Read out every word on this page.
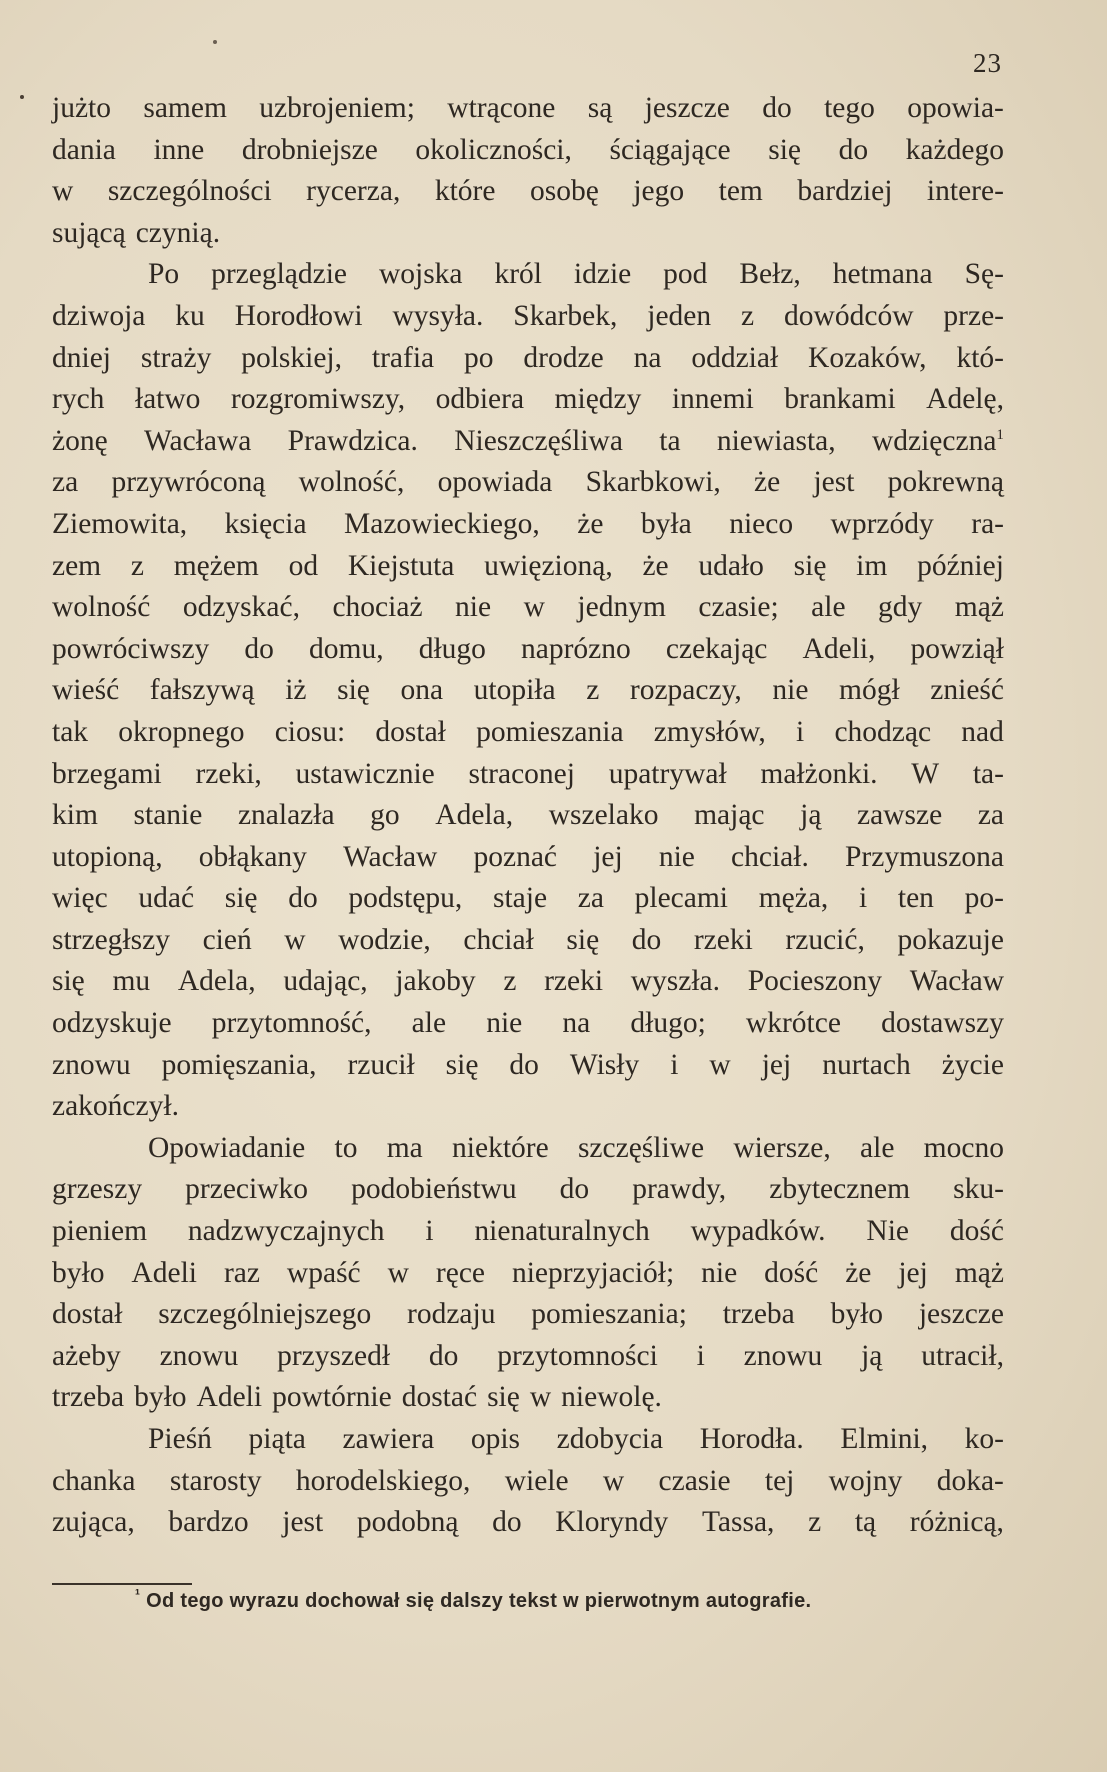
23
jużto samem uzbrojeniem; wtrącone są jeszcze do tego opowia-
dania inne drobniejsze okoliczności, ściągające się do każdego
w szczególności rycerza, które osobę jego tem bardziej intere-
sującą czynią.
Po przeglądzie wojska król idzie pod Bełz, hetmana Sę-
dziwoja ku Horodłowi wysyła. Skarbek, jeden z dowódców prze-
dniej straży polskiej, trafia po drodze na oddział Kozaków, któ-
rych łatwo rozgromiwszy, odbiera między innemi brankami Adelę,
żonę Wacława Prawdzica. Nieszczęśliwa ta niewiasta, wdzięczna$^1$
za przywróconą wolność, opowiada Skarbkowi, że jest pokrewną
Ziemowita, księcia Mazowieckiego, że była nieco wprzódy ra-
zem z mężem od Kiejstuta uwięzioną, że udało się im później
wolność odzyskać, chociaż nie w jednym czasie; ale gdy mąż
powróciwszy do domu, długo naprózno czekając Adeli, powziął
wieść fałszywą iż się ona utopiła z rozpaczy, nie mógł znieść
tak okropnego ciosu: dostał pomieszania zmysłów, i chodząc nad
brzegami rzeki, ustawicznie straconej upatrywał małżonki. W ta-
kim stanie znalazła go Adela, wszelako mając ją zawsze za
utopioną, obłąkany Wacław poznać jej nie chciał. Przymuszona
więc udać się do podstępu, staje za plecami męża, i ten po-
strzegłszy cień w wodzie, chciał się do rzeki rzucić, pokazuje
się mu Adela, udając, jakoby z rzeki wyszła. Pocieszony Wacław
odzyskuje przytomność, ale nie na długo; wkrótce dostawszy
znowu pomięszania, rzucił się do Wisły i w jej nurtach życie
zakończył.
Opowiadanie to ma niektóre szczęśliwe wiersze, ale mocno
grzeszy przeciwko podobieństwu do prawdy, zbytecznem sku-
pieniem nadzwyczajnych i nienaturalnych wypadków. Nie dość
było Adeli raz wpaść w ręce nieprzyjaciół; nie dość że jej mąż
dostał szczególniejszego rodzaju pomieszania; trzeba było jeszcze
ażeby znowu przyszedł do przytomności i znowu ją utracił,
trzeba było Adeli powtórnie dostać się w niewolę.
Pieśń piąta zawiera opis zdobycia Horodła. Elmini, ko-
chanka starosty horodelskiego, wiele w czasie tej wojny doka-
zująca, bardzo jest podobną do Kloryndy Tassa, z tą różnicą,
$^{^1}$ Od tego wyrazu dochował się dalszy tekst w pierwotnym autografie.
